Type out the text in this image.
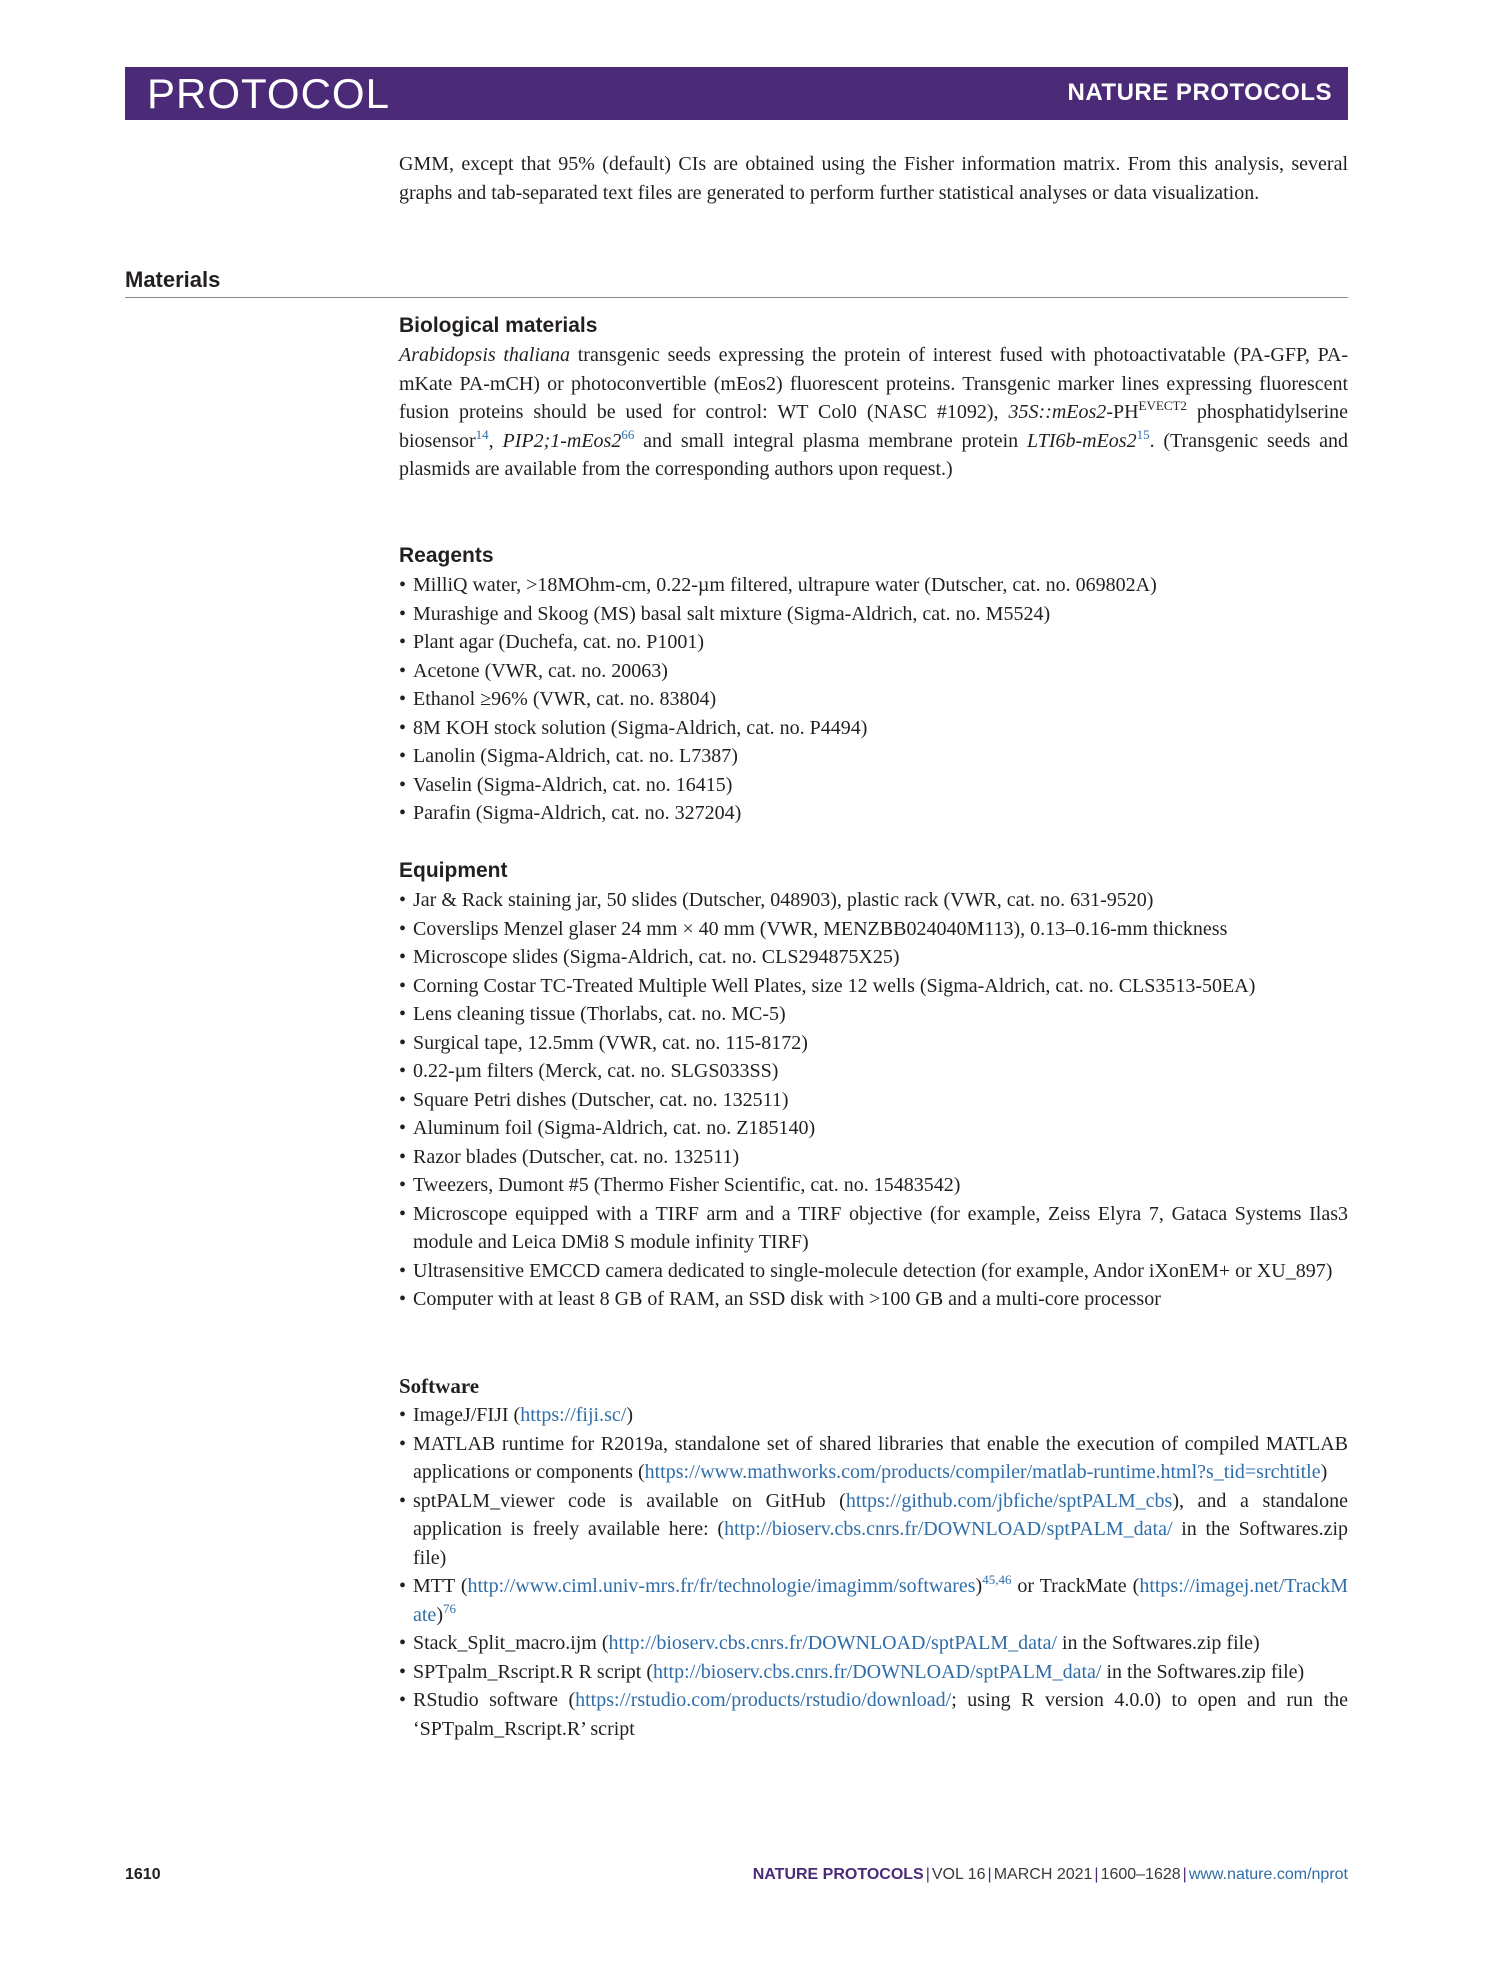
PROTOCOL	NATURE PROTOCOLS
GMM, except that 95% (default) CIs are obtained using the Fisher information matrix. From this analysis, several graphs and tab-separated text files are generated to perform further statistical analyses or data visualization.
Materials
Biological materials
Arabidopsis thaliana transgenic seeds expressing the protein of interest fused with photoactivatable (PA-GFP, PA-mKate PA-mCH) or photoconvertible (mEos2) fluorescent proteins. Transgenic marker lines expressing fluorescent fusion proteins should be used for control: WT Col0 (NASC #1092), $35S::mEos2-PH^{EVECT2}$ phosphatidylserine biosensor$^{14}$, $PIP2;1-mEos2^{66}$ and small integral plasma membrane protein $LTI6b-mEos2^{15}$. (Transgenic seeds and plasmids are available from the corresponding authors upon request.)
Reagents
• MilliQ water, >18MOhm-cm, 0.22-µm filtered, ultrapure water (Dutscher, cat. no. 069802A)
• Murashige and Skoog (MS) basal salt mixture (Sigma-Aldrich, cat. no. M5524)
• Plant agar (Duchefa, cat. no. P1001)
• Acetone (VWR, cat. no. 20063)
• Ethanol ≥96% (VWR, cat. no. 83804)
• 8M KOH stock solution (Sigma-Aldrich, cat. no. P4494)
• Lanolin (Sigma-Aldrich, cat. no. L7387)
• Vaselin (Sigma-Aldrich, cat. no. 16415)
• Parafin (Sigma-Aldrich, cat. no. 327204)
Equipment
• Jar & Rack staining jar, 50 slides (Dutscher, 048903), plastic rack (VWR, cat. no. 631-9520)
• Coverslips Menzel glaser 24 mm × 40 mm (VWR, MENZBB024040M113), 0.13–0.16-mm thickness
• Microscope slides (Sigma-Aldrich, cat. no. CLS294875X25)
• Corning Costar TC-Treated Multiple Well Plates, size 12 wells (Sigma-Aldrich, cat. no. CLS3513-50EA)
• Lens cleaning tissue (Thorlabs, cat. no. MC-5)
• Surgical tape, 12.5mm (VWR, cat. no. 115-8172)
• 0.22-µm filters (Merck, cat. no. SLGS033SS)
• Square Petri dishes (Dutscher, cat. no. 132511)
• Aluminum foil (Sigma-Aldrich, cat. no. Z185140)
• Razor blades (Dutscher, cat. no. 132511)
• Tweezers, Dumont #5 (Thermo Fisher Scientific, cat. no. 15483542)
• Microscope equipped with a TIRF arm and a TIRF objective (for example, Zeiss Elyra 7, Gataca Systems Ilas3 module and Leica DMi8 S module infinity TIRF)
• Ultrasensitive EMCCD camera dedicated to single-molecule detection (for example, Andor iXonEM+ or XU_897)
• Computer with at least 8 GB of RAM, an SSD disk with >100 GB and a multi-core processor
Software
• ImageJ/FIJI (https://fiji.sc/)
• MATLAB runtime for R2019a, standalone set of shared libraries that enable the execution of compiled MATLAB applications or components (https://www.mathworks.com/products/compiler/matlab-runtime.html?s_tid=srchtitle)
• sptPALM_viewer code is available on GitHub (https://github.com/jbfiche/sptPALM_cbs), and a standalone application is freely available here: (http://bioserv.cbs.cnrs.fr/DOWNLOAD/sptPALM_data/ in the Softwares.zip file)
• MTT (http://www.ciml.univ-mrs.fr/fr/technologie/imagimm/softwares)$^{45,46}$ or TrackMate (https://imagej.net/TrackMate)$^{76}$
• Stack_Split_macro.ijm (http://bioserv.cbs.cnrs.fr/DOWNLOAD/sptPALM_data/ in the Softwares.zip file)
• SPTpalm_Rscript.R R script (http://bioserv.cbs.cnrs.fr/DOWNLOAD/sptPALM_data/ in the Softwares.zip file)
• RStudio software (https://rstudio.com/products/rstudio/download/; using R version 4.0.0) to open and run the ‘SPTpalm_Rscript.R’ script
1610	NATURE PROTOCOLS | VOL 16 | MARCH 2021 | 1600–1628 | www.nature.com/nprot
